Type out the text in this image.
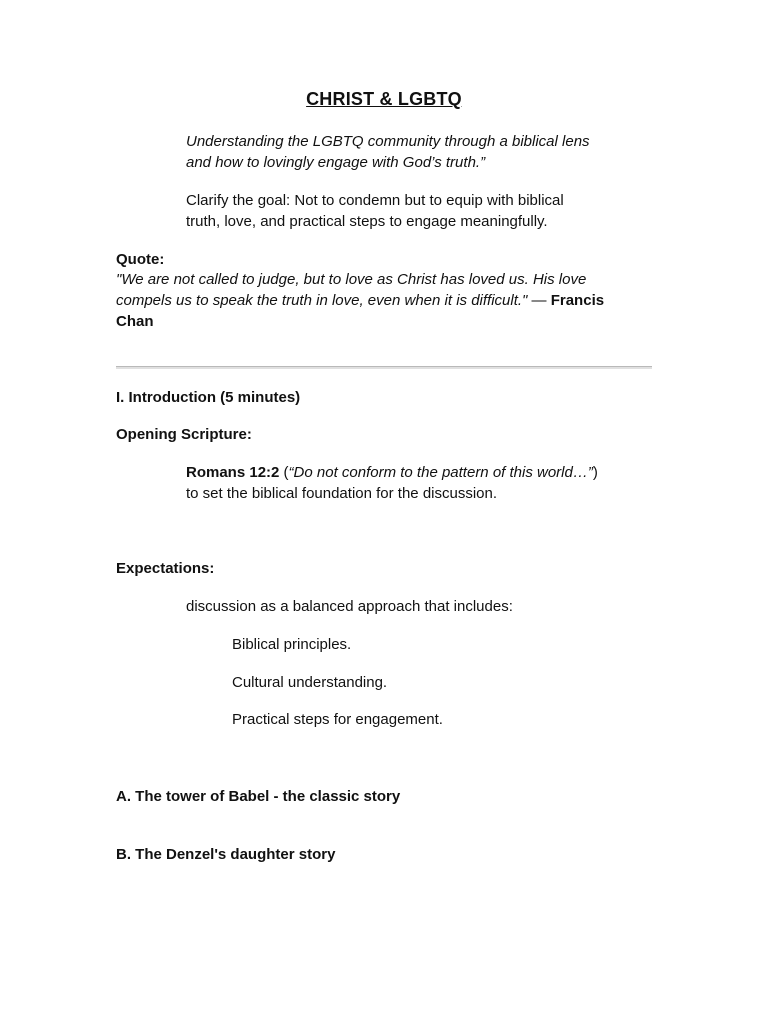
CHRIST & LGBTQ
Understanding the LGBTQ community through a biblical lens
and how to lovingly engage with God’s truth.”
Clarify the goal: Not to condemn but to equip with biblical
truth, love, and practical steps to engage meaningfully.
Quote:
"We are not called to judge, but to love as Christ has loved us. His love
compels us to speak the truth in love, even when it is difficult." — Francis
Chan
I. Introduction (5 minutes)
Opening Scripture:
Romans 12:2 (“Do not conform to the pattern of this world…”)
to set the biblical foundation for the discussion.
Expectations:
discussion as a balanced approach that includes:
Biblical principles.
Cultural understanding.
Practical steps for engagement.
A. The tower of Babel - the classic story
B. The Denzel's daughter story
